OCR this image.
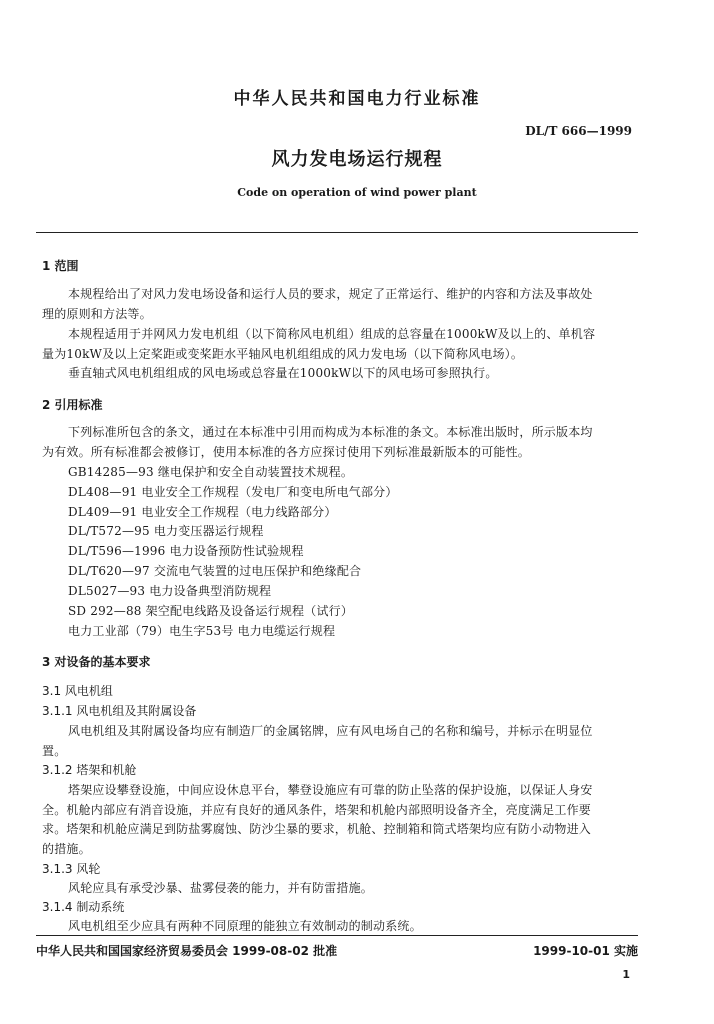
中华人民共和国电力行业标准
DL/T 666—1999
风力发电场运行规程
Code on operation of wind power plant
1 范围
本规程给出了对风力发电场设备和运行人员的要求，规定了正常运行、维护的内容和方法及事故处
理的原则和方法等。
本规程适用于并网风力发电机组（以下简称风电机组）组成的总容量在1000kW及以上的、单机容
量为10kW及以上定桨距或变桨距水平轴风电机组组成的风力发电场（以下简称风电场）。
垂直轴式风电机组组成的风电场或总容量在1000kW以下的风电场可参照执行。
2 引用标准
下列标准所包含的条文，通过在本标准中引用而构成为本标准的条文。本标准出版时，所示版本均
为有效。所有标准都会被修订，使用本标准的各方应探讨使用下列标准最新版本的可能性。
GB14285—93 继电保护和安全自动装置技术规程。
DL408—91 电业安全工作规程（发电厂和变电所电气部分）
DL409—91 电业安全工作规程（电力线路部分）
DL/T572—95 电力变压器运行规程
DL/T596—1996 电力设备预防性试验规程
DL/T620—97 交流电气装置的过电压保护和绝缘配合
DL5027—93 电力设备典型消防规程
SD 292—88 架空配电线路及设备运行规程（试行）
电力工业部（79）电生字53号 电力电缆运行规程
3 对设备的基本要求
3.1 风电机组
3.1.1 风电机组及其附属设备
风电机组及其附属设备均应有制造厂的金属铭牌，应有风电场自己的名称和编号，并标示在明显位
置。
3.1.2 塔架和机舱
塔架应设攀登设施，中间应设休息平台，攀登设施应有可靠的防止坠落的保护设施，以保证人身安
全。机舱内部应有消音设施，并应有良好的通风条件，塔架和机舱内部照明设备齐全，亮度满足工作要
求。塔架和机舱应满足到防盐雾腐蚀、防沙尘暴的要求，机舱、控制箱和筒式塔架均应有防小动物进入
的措施。
3.1.3 风轮
风轮应具有承受沙暴、盐雾侵袭的能力，并有防雷措施。
3.1.4 制动系统
风电机组至少应具有两种不同原理的能独立有效制动的制动系统。
中华人民共和国国家经济贸易委员会 1999-08-02 批准	1999-10-01 实施
1
